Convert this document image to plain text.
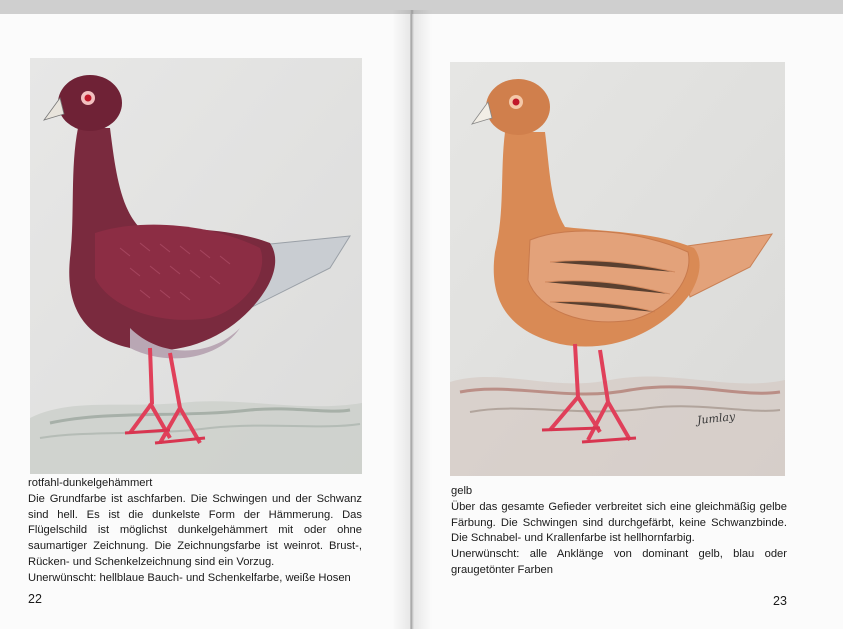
Jumlay
rotfahl-dunkelgehämmert

Die Grundfarbe ist aschfarben. Die Schwingen und der Schwanz sind hell. Es ist die dunkelste Form der Hämmerung. Das Flügelschild ist möglichst dunkelgehämmert mit oder ohne saumartiger Zeichnung. Die Zeichnungsfarbe ist weinrot. Brust-, Rücken- und Schenkelzeichnung sind ein Vorzug.

Unerwünscht: hellblaue Bauch- und Schenkelfarbe, weiße Hosen

22
gelb

Über das gesamte Gefieder verbreitet sich eine gleichmäßig gelbe Färbung. Die Schwingen sind durchgefärbt, keine Schwanzbinde. Die Schnabel- und Krallenfarbe ist hellhornfarbig.

Unerwünscht: alle Anklänge von dominant gelb, blau oder graugetönter Farben

23
